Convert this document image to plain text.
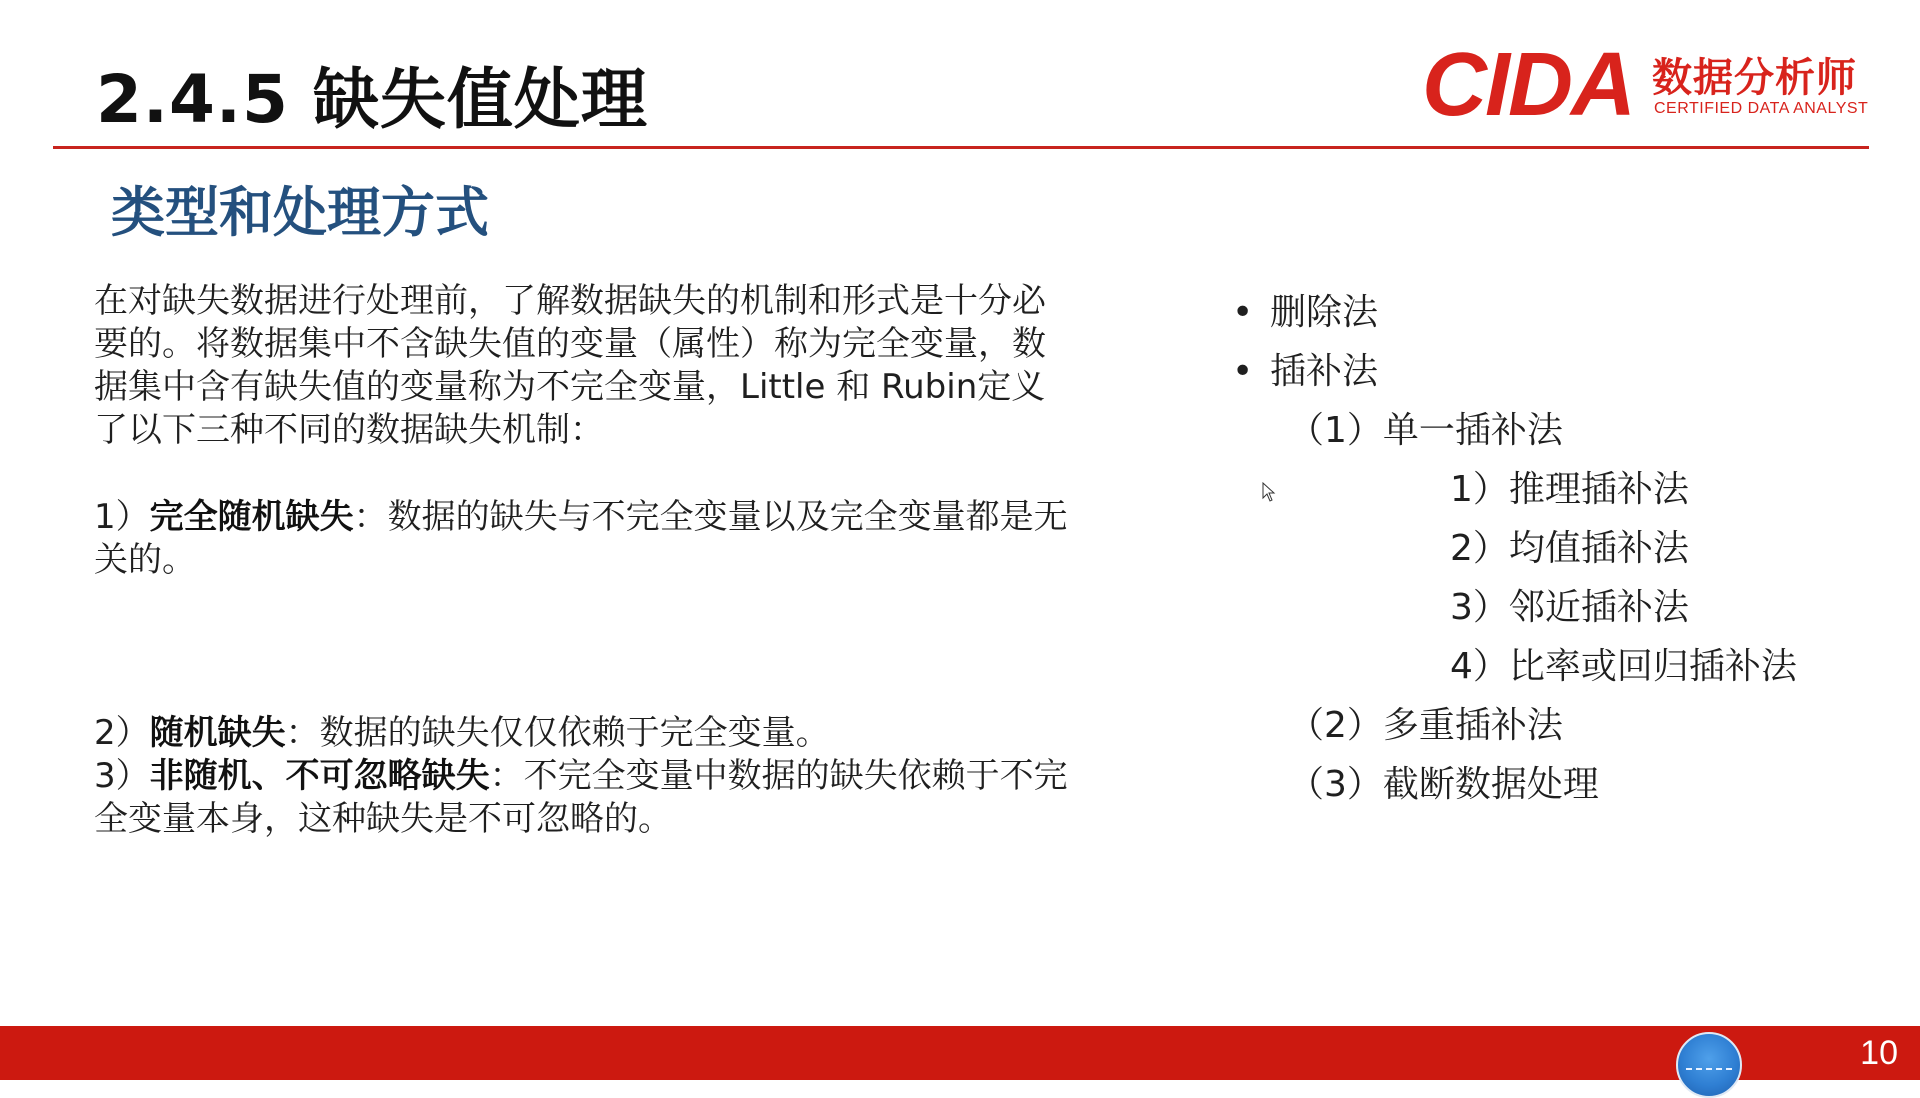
2.4.5 缺失值处理	CIDA 数据分析师
CERTIFIED DATA ANALYST
类型和处理方式

在对缺失数据进行处理前，了解数据缺失的机制和形式是十分必

要的。将数据集中不含缺失值的变量（属性）称为完全变量，数

据集中含有缺失值的变量称为不完全变量，Little 和 Rubin定义

了以下三种不同的数据缺失机制：

1）完全随机缺失：数据的缺失与不完全变量以及完全变量都是无

关的。

2）随机缺失：数据的缺失仅仅依赖于完全变量。

3）非随机、不可忽略缺失：不完全变量中数据的缺失依赖于不完

全变量本身，这种缺失是不可忽略的。

• 删除法
• 插补法
（1）单一插补法
1）推理插补法
2）均值插补法
3）邻近插补法
4）比率或回归插补法
（2）多重插补法
（3）截断数据处理
10
